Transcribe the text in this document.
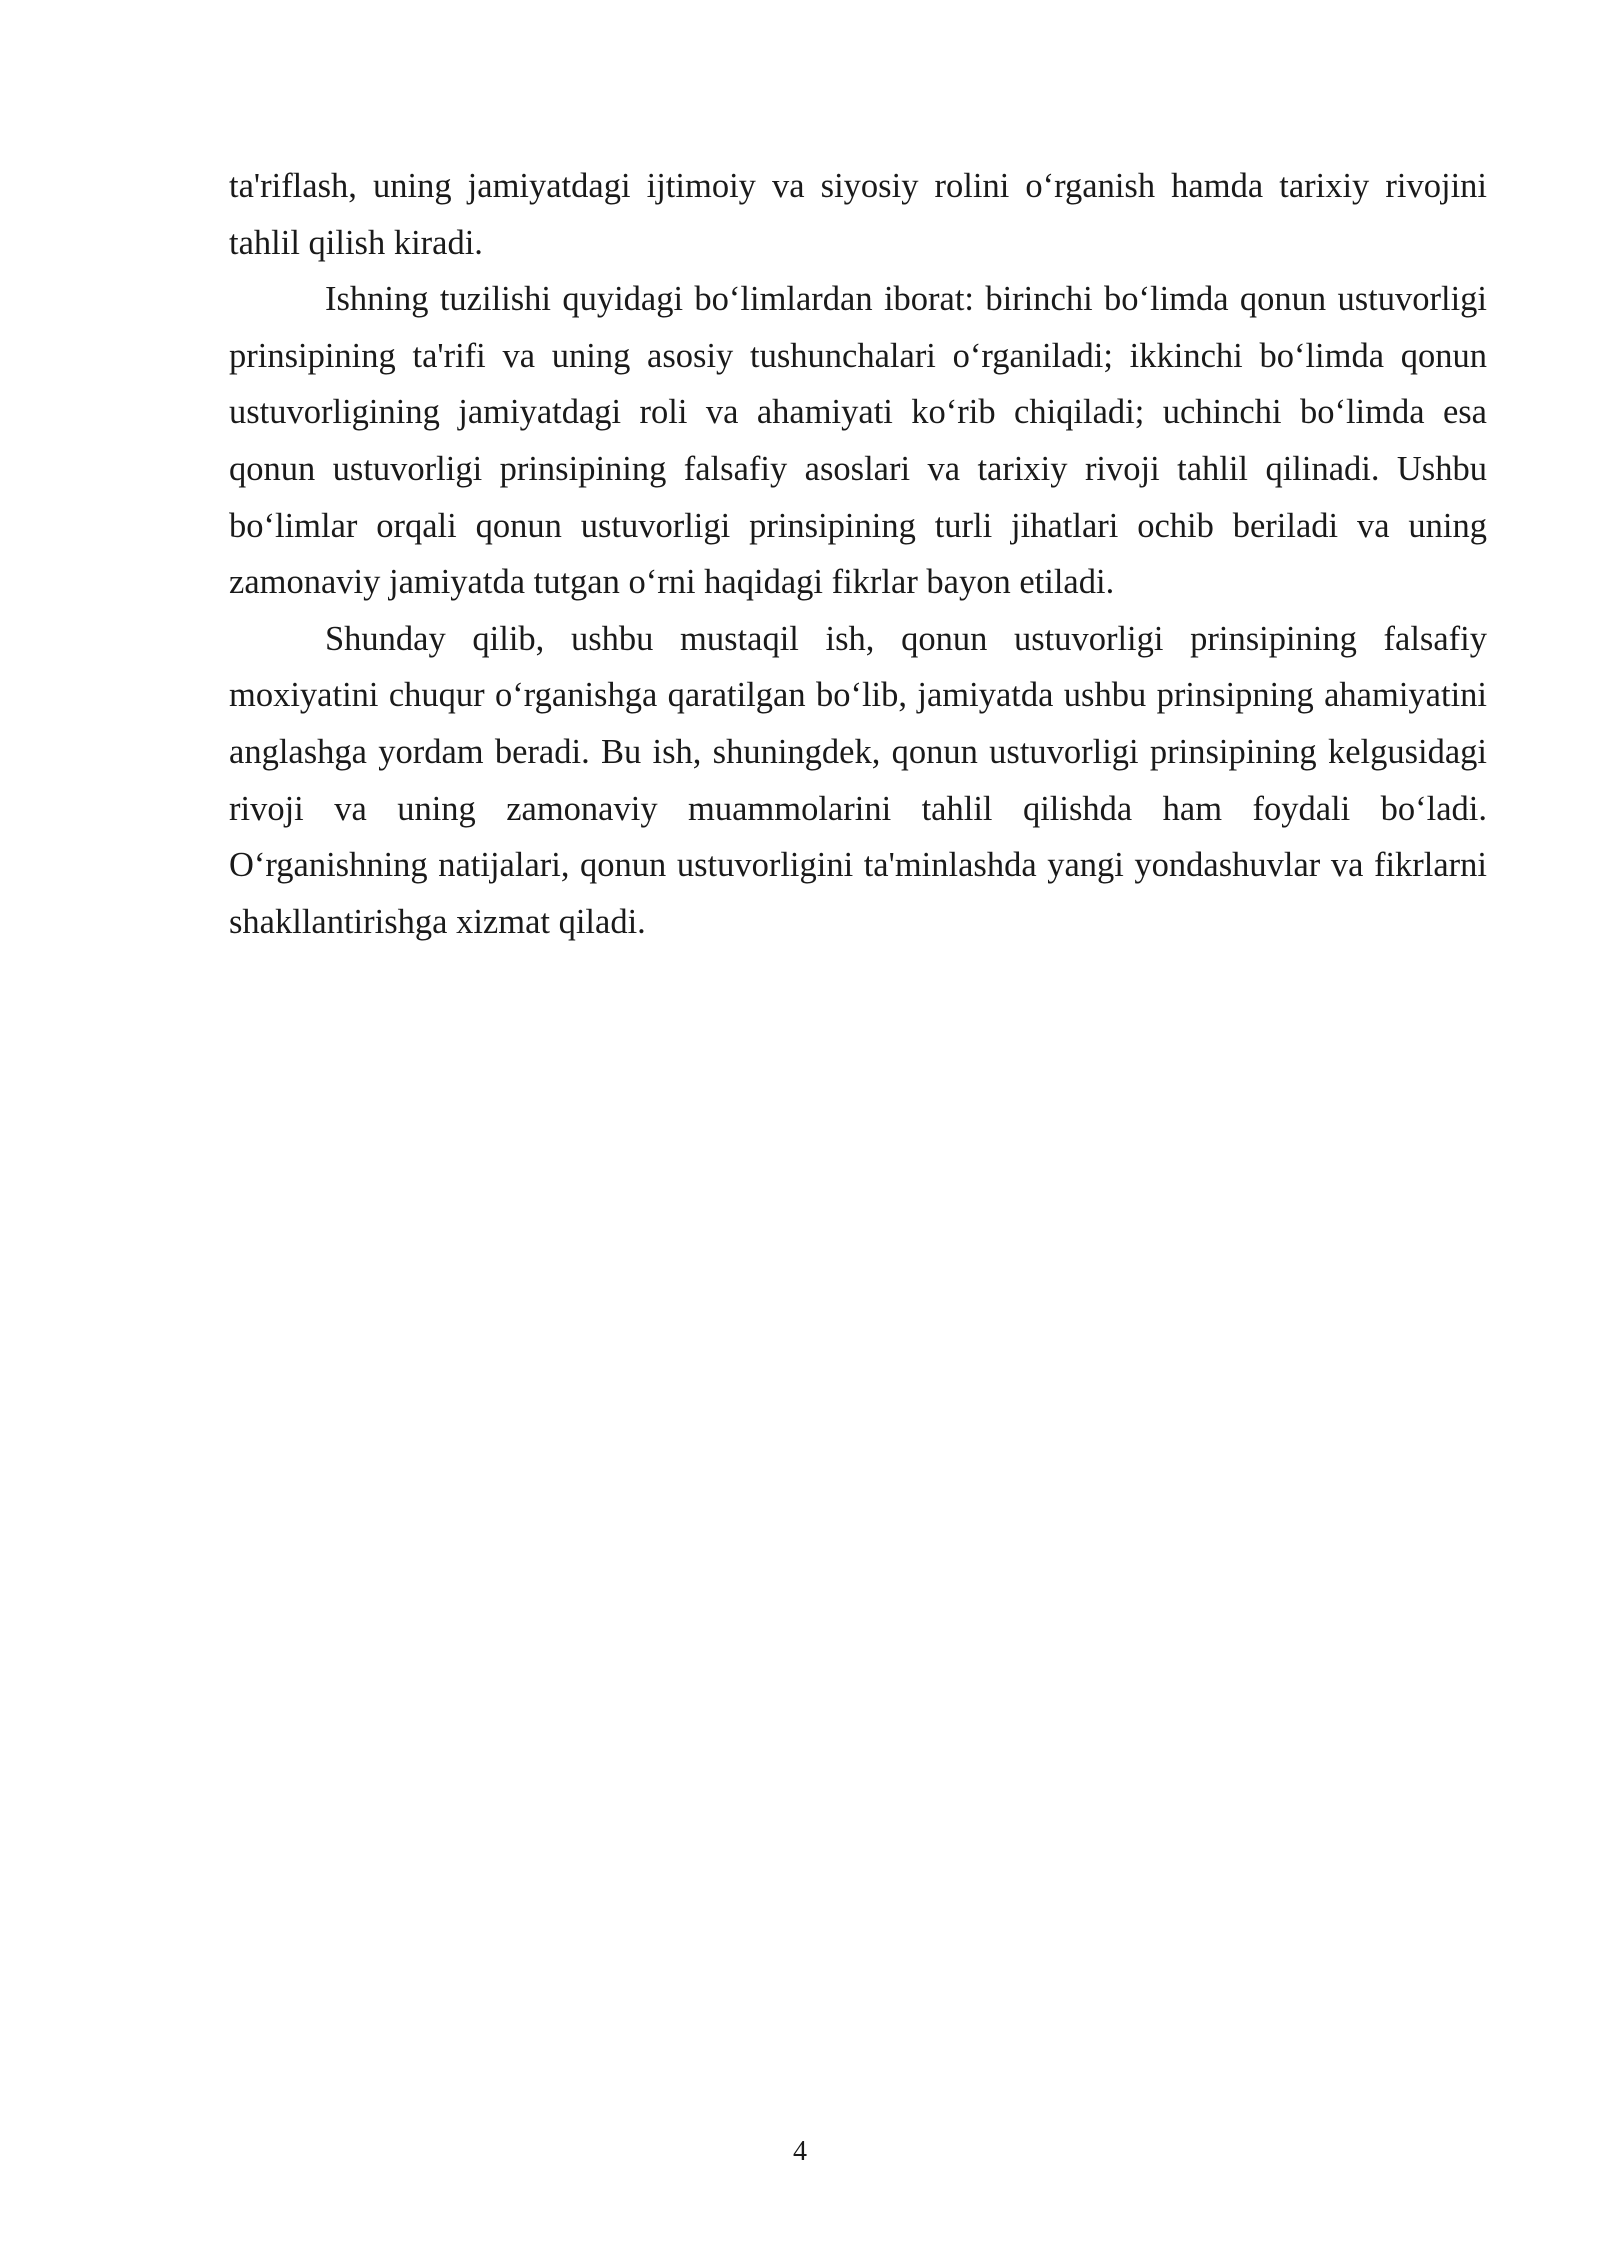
ta'riflash, uning jamiyatdagi ijtimoiy va siyosiy rolini o‘rganish hamda tarixiy rivojini tahlil qilish kiradi.

Ishning tuzilishi quyidagi bo‘limlardan iborat: birinchi bo‘limda qonun ustuvorligi prinsipining ta'rifi va uning asosiy tushunchalari o‘rganiladi; ikkinchi bo‘limda qonun ustuvorligining jamiyatdagi roli va ahamiyati ko‘rib chiqiladi; uchinchi bo‘limda esa qonun ustuvorligi prinsipining falsafiy asoslari va tarixiy rivoji tahlil qilinadi. Ushbu bo‘limlar orqali qonun ustuvorligi prinsipining turli jihatlari ochib beriladi va uning zamonaviy jamiyatda tutgan o‘rni haqidagi fikrlar bayon etiladi.

Shunday qilib, ushbu mustaqil ish, qonun ustuvorligi prinsipining falsafiy moxiyatini chuqur o‘rganishga qaratilgan bo‘lib, jamiyatda ushbu prinsipning ahamiyatini anglashga yordam beradi. Bu ish, shuningdek, qonun ustuvorligi prinsipining kelgusidagi rivoji va uning zamonaviy muammolarini tahlil qilishda ham foydali bo‘ladi. O‘rganishning natijalari, qonun ustuvorligini ta'minlashda yangi yondashuvlar va fikrlarni shakllantirishga xizmat qiladi.

4
